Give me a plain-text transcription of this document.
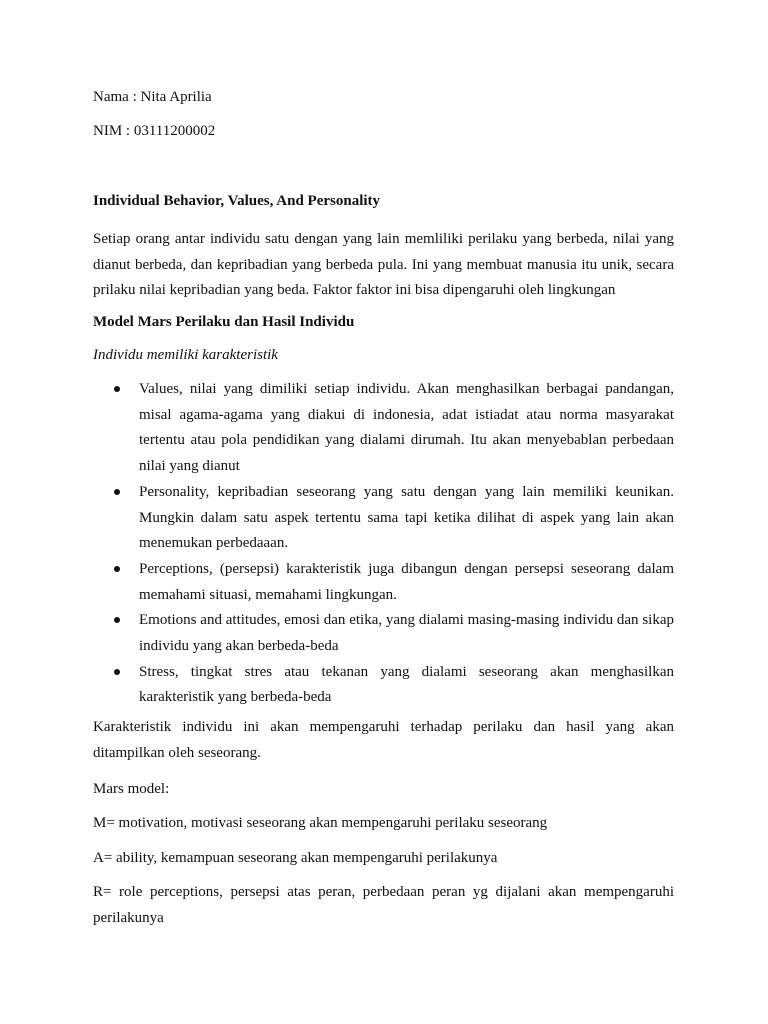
Nama : Nita Aprilia

NIM : 03111200002

Individual Behavior, Values, And Personality

Setiap orang antar individu satu dengan yang lain memliliki perilaku yang berbeda, nilai yang dianut berbeda, dan kepribadian yang berbeda pula. Ini yang membuat manusia itu unik, secara prilaku nilai kepribadian yang beda. Faktor faktor ini bisa dipengaruhi oleh lingkungan

Model Mars Perilaku dan Hasil Individu

Individu memiliki karakteristik

Values, nilai yang dimiliki setiap individu. Akan menghasilkan berbagai pandangan, misal agama-agama yang diakui di indonesia, adat istiadat atau norma masyarakat tertentu atau pola pendidikan yang dialami dirumah. Itu akan menyebablan perbedaan nilai yang dianut
Personality, kepribadian seseorang yang satu dengan yang lain memiliki keunikan. Mungkin dalam satu aspek tertentu sama tapi ketika dilihat di aspek yang lain akan menemukan perbedaaan.
Perceptions, (persepsi) karakteristik juga dibangun dengan persepsi seseorang dalam memahami situasi, memahami lingkungan.
Emotions and attitudes, emosi dan etika, yang dialami masing-masing individu dan sikap individu yang akan berbeda-beda
Stress, tingkat stres atau tekanan yang dialami seseorang akan menghasilkan karakteristik yang berbeda-beda

Karakteristik individu ini akan mempengaruhi terhadap perilaku dan hasil yang akan ditampilkan oleh seseorang.

Mars model:

M= motivation, motivasi seseorang akan mempengaruhi perilaku seseorang

A= ability, kemampuan seseorang akan mempengaruhi perilakunya

R= role perceptions, persepsi atas peran, perbedaan peran yg dijalani akan mempengaruhi perilakunya
